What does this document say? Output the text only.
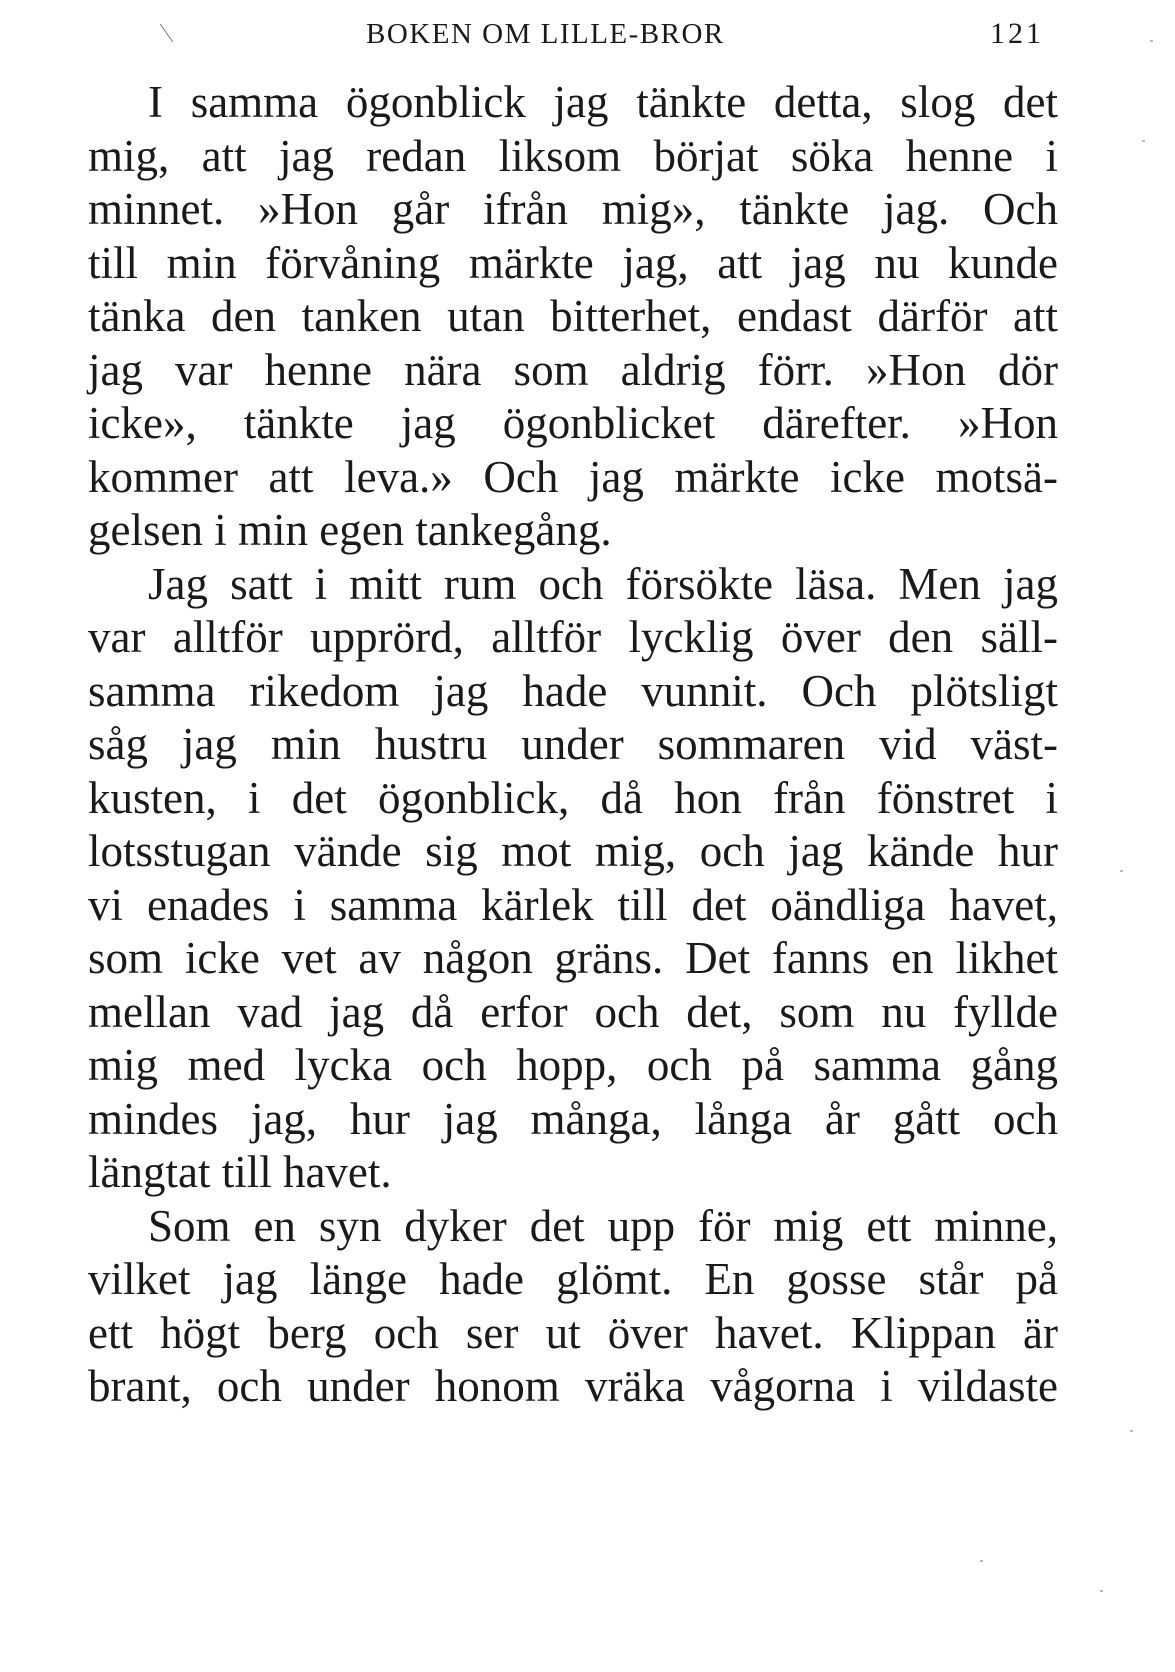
BOKEN OM LILLE-BROR	121
I samma ögonblick jag tänkte detta, slog det
mig, att jag redan liksom börjat söka henne i
minnet. »Hon går ifrån mig», tänkte jag. Och
till min förvåning märkte jag, att jag nu kunde
tänka den tanken utan bitterhet, endast därför att
jag var henne nära som aldrig förr. »Hon dör
icke», tänkte jag ögonblicket därefter. »Hon
kommer att leva.» Och jag märkte icke motsä-
gelsen i min egen tankegång.
Jag satt i mitt rum och försökte läsa. Men jag
var alltför upprörd, alltför lycklig över den säll-
samma rikedom jag hade vunnit. Och plötsligt
såg jag min hustru under sommaren vid väst-
kusten, i det ögonblick, då hon från fönstret i
lotsstugan vände sig mot mig, och jag kände hur
vi enades i samma kärlek till det oändliga havet,
som icke vet av någon gräns. Det fanns en likhet
mellan vad jag då erfor och det, som nu fyllde
mig med lycka och hopp, och på samma gång
mindes jag, hur jag många, långa år gått och
längtat till havet.
Som en syn dyker det upp för mig ett minne,
vilket jag länge hade glömt. En gosse står på
ett högt berg och ser ut över havet. Klippan är
brant, och under honom vräka vågorna i vildaste
